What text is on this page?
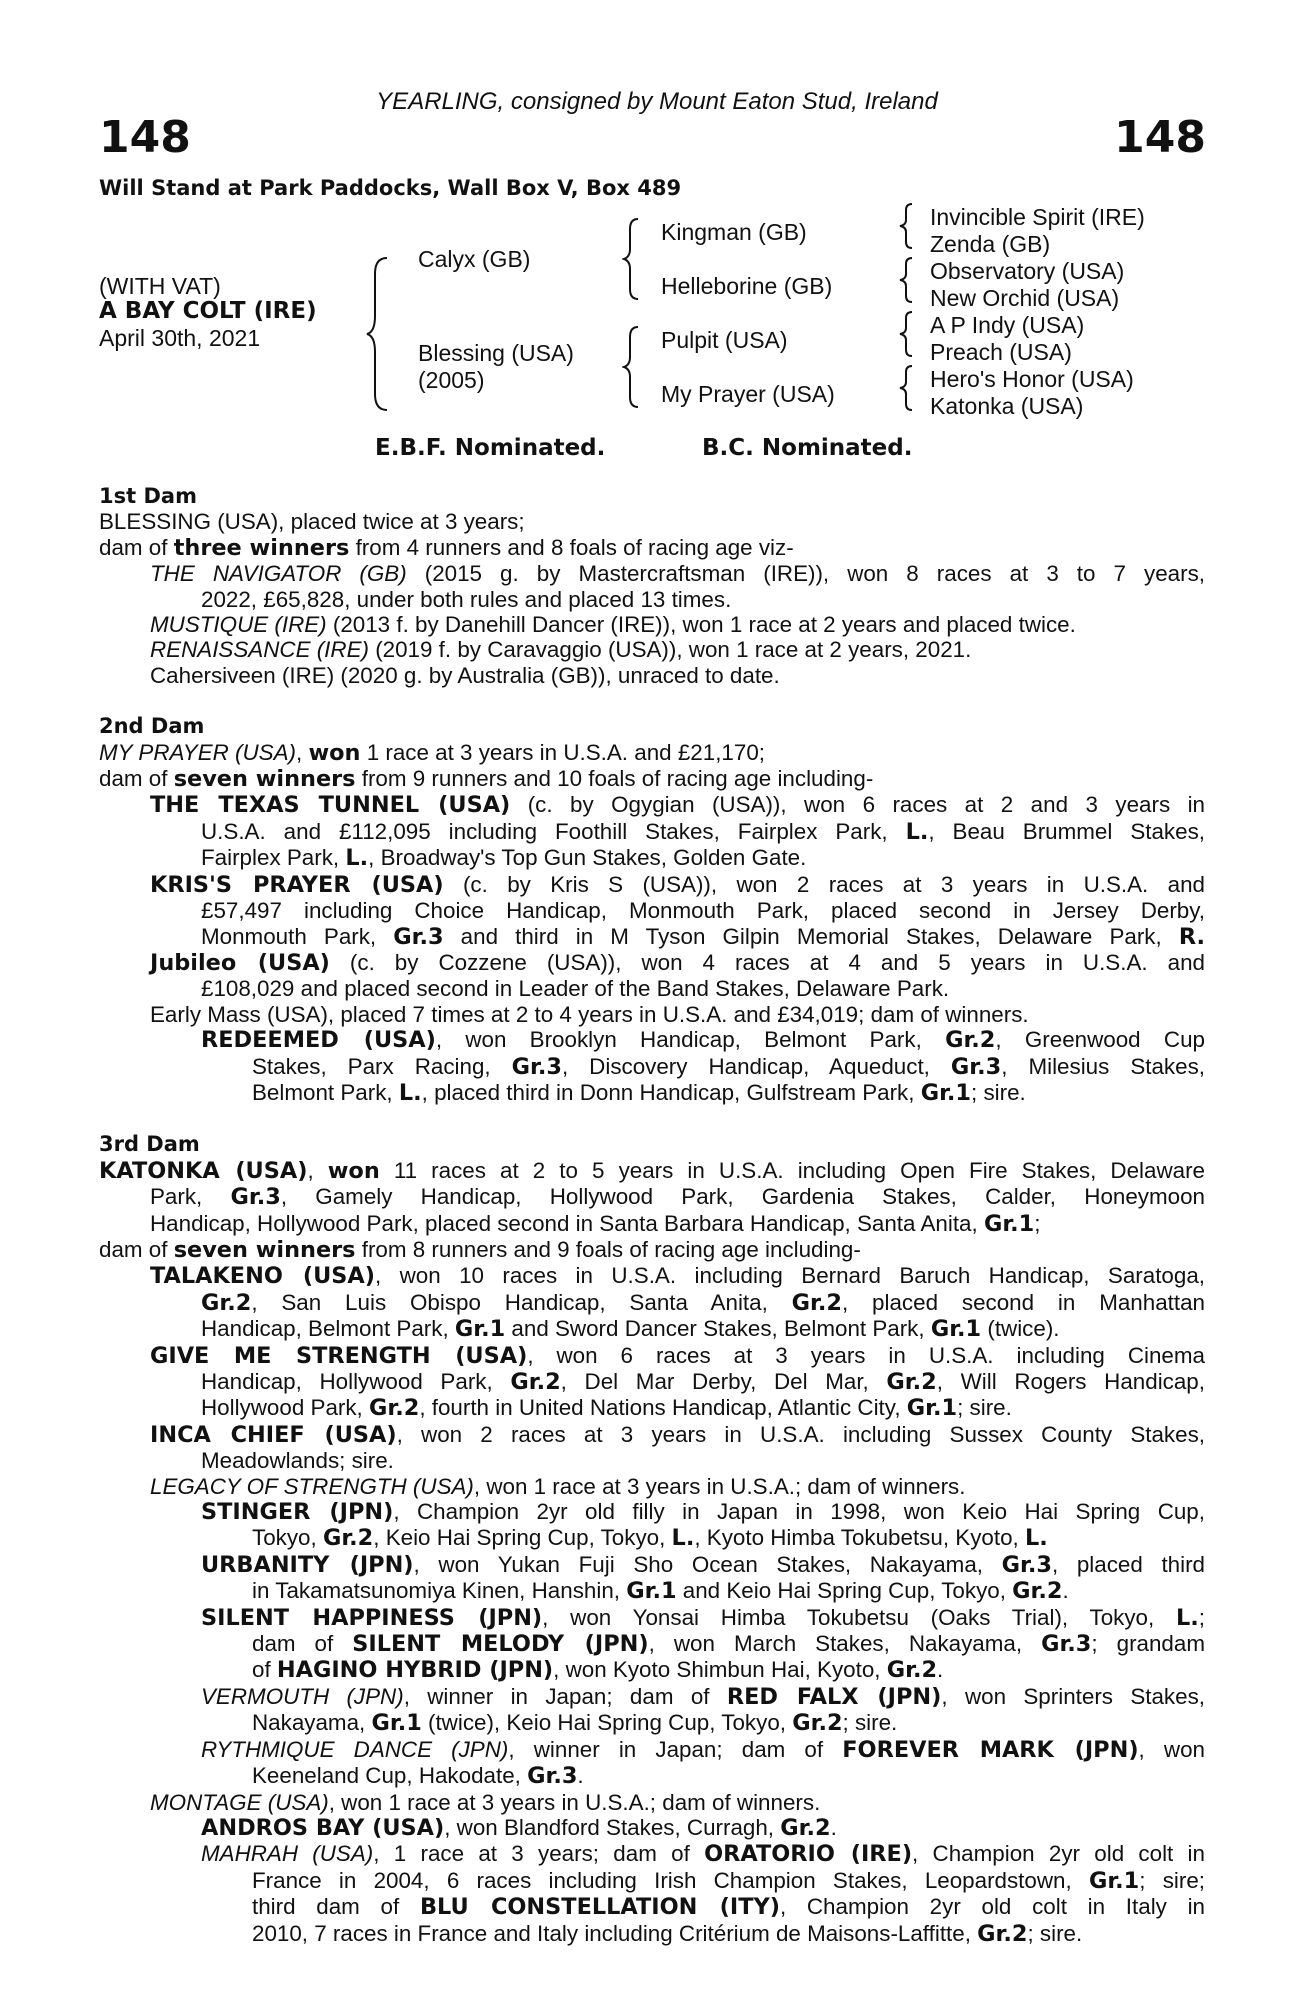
YEARLING, consigned by Mount Eaton Stud, Ireland
148	148
Will Stand at Park Paddocks, Wall Box V, Box 489
(WITH VAT)
A BAY COLT (IRE)
April 30th, 2021
Calyx (GB)
Blessing (USA)
(2005)
Kingman (GB)
Helleborine (GB)
Pulpit (USA)
My Prayer (USA)
Invincible Spirit (IRE)
Zenda (GB)
Observatory (USA)
New Orchid (USA)
A P Indy (USA)
Preach (USA)
Hero's Honor (USA)
Katonka (USA)
E.B.F. Nominated.	B.C. Nominated.
1st Dam
BLESSING (USA), placed twice at 3 years;
dam of three winners from 4 runners and 8 foals of racing age viz-
THE NAVIGATOR (GB) (2015 g. by Mastercraftsman (IRE)), won 8 races at 3 to 7 years,
2022, £65,828, under both rules and placed 13 times.
MUSTIQUE (IRE) (2013 f. by Danehill Dancer (IRE)), won 1 race at 2 years and placed twice.
RENAISSANCE (IRE) (2019 f. by Caravaggio (USA)), won 1 race at 2 years, 2021.
Cahersiveen (IRE) (2020 g. by Australia (GB)), unraced to date.
2nd Dam
MY PRAYER (USA), won 1 race at 3 years in U.S.A. and £21,170;
dam of seven winners from 9 runners and 10 foals of racing age including-
THE TEXAS TUNNEL (USA) (c. by Ogygian (USA)), won 6 races at 2 and 3 years in
U.S.A. and £112,095 including Foothill Stakes, Fairplex Park, L., Beau Brummel Stakes,
Fairplex Park, L., Broadway's Top Gun Stakes, Golden Gate.
KRIS'S PRAYER (USA) (c. by Kris S (USA)), won 2 races at 3 years in U.S.A. and
£57,497 including Choice Handicap, Monmouth Park, placed second in Jersey Derby,
Monmouth Park, Gr.3 and third in M Tyson Gilpin Memorial Stakes, Delaware Park, R.
Jubileo (USA) (c. by Cozzene (USA)), won 4 races at 4 and 5 years in U.S.A. and
£108,029 and placed second in Leader of the Band Stakes, Delaware Park.
Early Mass (USA), placed 7 times at 2 to 4 years in U.S.A. and £34,019; dam of winners.
REDEEMED (USA), won Brooklyn Handicap, Belmont Park, Gr.2, Greenwood Cup
Stakes, Parx Racing, Gr.3, Discovery Handicap, Aqueduct, Gr.3, Milesius Stakes,
Belmont Park, L., placed third in Donn Handicap, Gulfstream Park, Gr.1; sire.
3rd Dam
KATONKA (USA), won 11 races at 2 to 5 years in U.S.A. including Open Fire Stakes, Delaware
Park, Gr.3, Gamely Handicap, Hollywood Park, Gardenia Stakes, Calder, Honeymoon
Handicap, Hollywood Park, placed second in Santa Barbara Handicap, Santa Anita, Gr.1;
dam of seven winners from 8 runners and 9 foals of racing age including-
TALAKENO (USA), won 10 races in U.S.A. including Bernard Baruch Handicap, Saratoga,
Gr.2, San Luis Obispo Handicap, Santa Anita, Gr.2, placed second in Manhattan
Handicap, Belmont Park, Gr.1 and Sword Dancer Stakes, Belmont Park, Gr.1 (twice).
GIVE ME STRENGTH (USA), won 6 races at 3 years in U.S.A. including Cinema
Handicap, Hollywood Park, Gr.2, Del Mar Derby, Del Mar, Gr.2, Will Rogers Handicap,
Hollywood Park, Gr.2, fourth in United Nations Handicap, Atlantic City, Gr.1; sire.
INCA CHIEF (USA), won 2 races at 3 years in U.S.A. including Sussex County Stakes,
Meadowlands; sire.
LEGACY OF STRENGTH (USA), won 1 race at 3 years in U.S.A.; dam of winners.
STINGER (JPN), Champion 2yr old filly in Japan in 1998, won Keio Hai Spring Cup,
Tokyo, Gr.2, Keio Hai Spring Cup, Tokyo, L., Kyoto Himba Tokubetsu, Kyoto, L.
URBANITY (JPN), won Yukan Fuji Sho Ocean Stakes, Nakayama, Gr.3, placed third
in Takamatsunomiya Kinen, Hanshin, Gr.1 and Keio Hai Spring Cup, Tokyo, Gr.2.
SILENT HAPPINESS (JPN), won Yonsai Himba Tokubetsu (Oaks Trial), Tokyo, L.;
dam of SILENT MELODY (JPN), won March Stakes, Nakayama, Gr.3; grandam
of HAGINO HYBRID (JPN), won Kyoto Shimbun Hai, Kyoto, Gr.2.
VERMOUTH (JPN), winner in Japan; dam of RED FALX (JPN), won Sprinters Stakes,
Nakayama, Gr.1 (twice), Keio Hai Spring Cup, Tokyo, Gr.2; sire.
RYTHMIQUE DANCE (JPN), winner in Japan; dam of FOREVER MARK (JPN), won
Keeneland Cup, Hakodate, Gr.3.
MONTAGE (USA), won 1 race at 3 years in U.S.A.; dam of winners.
ANDROS BAY (USA), won Blandford Stakes, Curragh, Gr.2.
MAHRAH (USA), 1 race at 3 years; dam of ORATORIO (IRE), Champion 2yr old colt in
France in 2004, 6 races including Irish Champion Stakes, Leopardstown, Gr.1; sire;
third dam of BLU CONSTELLATION (ITY), Champion 2yr old colt in Italy in
2010, 7 races in France and Italy including Critérium de Maisons-Laffitte, Gr.2; sire.
